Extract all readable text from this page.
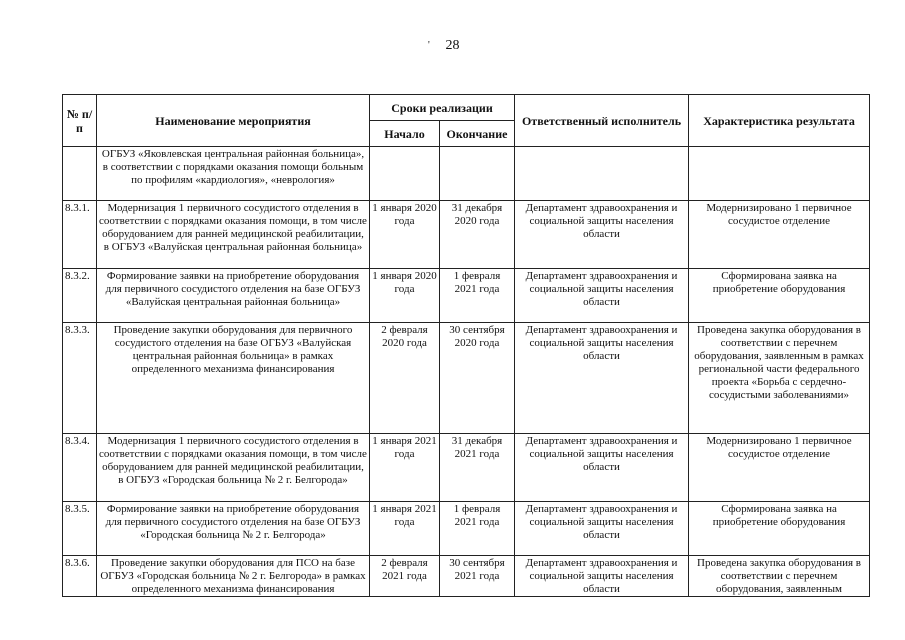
'	28
№ п/п	Наименование мероприятия	Сроки реализации		Ответственный исполнитель	Характеристика результата
		Начало	Окончание		
	ОГБУЗ «Яковлевская центральная районная больница», в соответствии с порядками оказания помощи больным по профилям «кардиология», «неврология»				
8.3.1.	Модернизация 1 первичного сосудистого отделения в соответствии с порядками оказания помощи, в том числе оборудованием для ранней медицинской реабилитации, в ОГБУЗ «Валуйская центральная районная больница»	1 января 2020 года	31 декабря 2020 года	Департамент здравоохранения и социальной защиты населения области	Модернизировано 1 первичное сосудистое отделение
8.3.2.	Формирование заявки на приобретение оборудования для первичного сосудистого отделения на базе ОГБУЗ «Валуйская центральная районная больница»	1 января 2020 года	1 февраля 2021 года	Департамент здравоохранения и социальной защиты населения области	Сформирована заявка на приобретение оборудования
8.3.3.	Проведение закупки оборудования для первичного сосудистого отделения на базе ОГБУЗ «Валуйская центральная районная больница» в рамках определенного механизма финансирования	2 февраля 2020 года	30 сентября 2020 года	Департамент здравоохранения и социальной защиты населения области	Проведена закупка оборудования в соответствии с перечнем оборудования, заявленным в рамках региональной части федерального проекта «Борьба с сердечно-сосудистыми заболеваниями»
8.3.4.	Модернизация 1 первичного сосудистого отделения в соответствии с порядками оказания помощи, в том числе оборудованием для ранней медицинской реабилитации, в ОГБУЗ «Городская больница № 2 г. Белгорода»	1 января 2021 года	31 декабря 2021 года	Департамент здравоохранения и социальной защиты населения области	Модернизировано 1 первичное сосудистое отделение
8.3.5.	Формирование заявки на приобретение оборудования для первичного сосудистого отделения на базе ОГБУЗ «Городская больница № 2 г. Белгорода»	1 января 2021 года	1 февраля 2021 года	Департамент здравоохранения и социальной защиты населения области	Сформирована заявка на приобретение оборудования
8.3.6.	Проведение закупки оборудования для ПСО на базе ОГБУЗ «Городская больница № 2 г. Белгорода» в рамках определенного механизма финансирования	2 февраля 2021 года	30 сентября 2021 года	Департамент здравоохранения и социальной защиты населения области	Проведена закупка оборудования в соответствии с перечнем оборудования, заявленным
